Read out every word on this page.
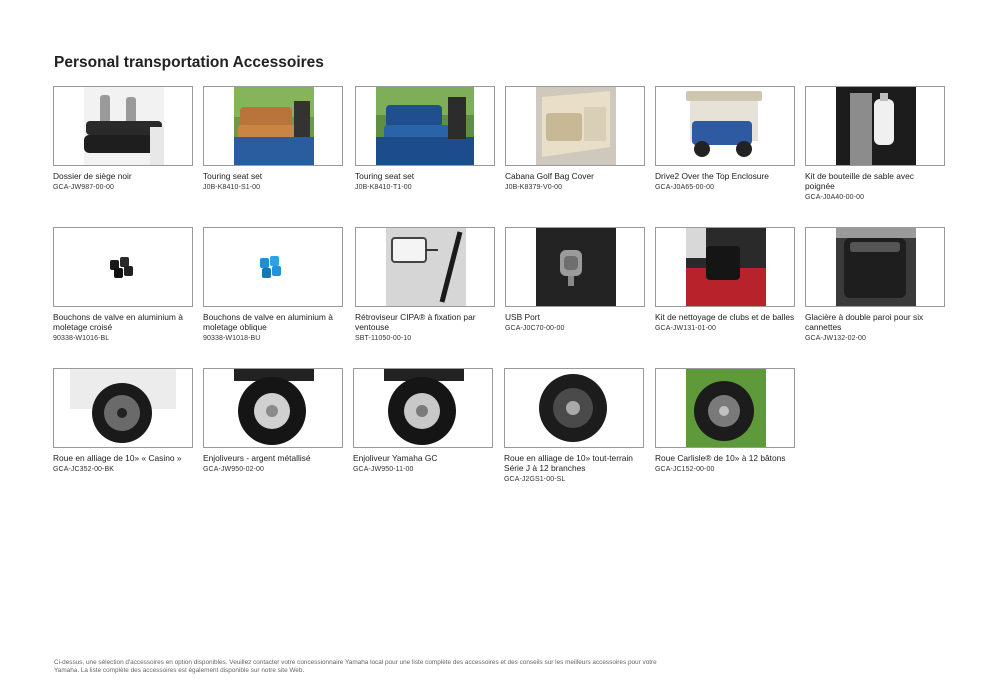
Personal transportation Accessoires
Dossier de siège noir
GCA-JW987-00-00
Touring seat set
J0B-K8410-S1-00
Touring seat set
J0B-K8410-T1-00
Cabana Golf Bag Cover
J0B-K8379-V0-00
Drive2 Over the Top Enclosure
GCA-J0A65-00-00
Kit de bouteille de sable avec poignée
GCA-J0A40-00-00
Bouchons de valve en aluminium à moletage croisé
90338-W1016-BL
Bouchons de valve en aluminium à moletage oblique
90338-W1018-BU
Rétroviseur CIPA® à fixation par ventouse
SBT-11050-00-10
USB Port
GCA-J0C70-00-00
Kit de nettoyage de clubs et de balles
GCA-JW131-01-00
Glacière à double paroi pour six cannettes
GCA-JW132-02-00
Roue en alliage de 10» « Casino »
GCA-JC352-00-BK
Enjoliveurs - argent métallisé
GCA-JW950-02-00
Enjoliveur Yamaha GC
GCA-JW950-11-00
Roue en alliage de 10» tout-terrain Série J à 12 branches
GCA-J2GS1-00-SL
Roue Carlisle® de 10» à 12 bâtons
GCA-JC152-00-00
Ci-dessus, une sélection d'accessoires en option disponibles. Veuillez contacter votre concessionnaire Yamaha local pour une liste complète des accessoires et des conseils sur les meilleurs accessoires pour votre Yamaha. La liste complète des accessoires est également disponible sur notre site Web.
